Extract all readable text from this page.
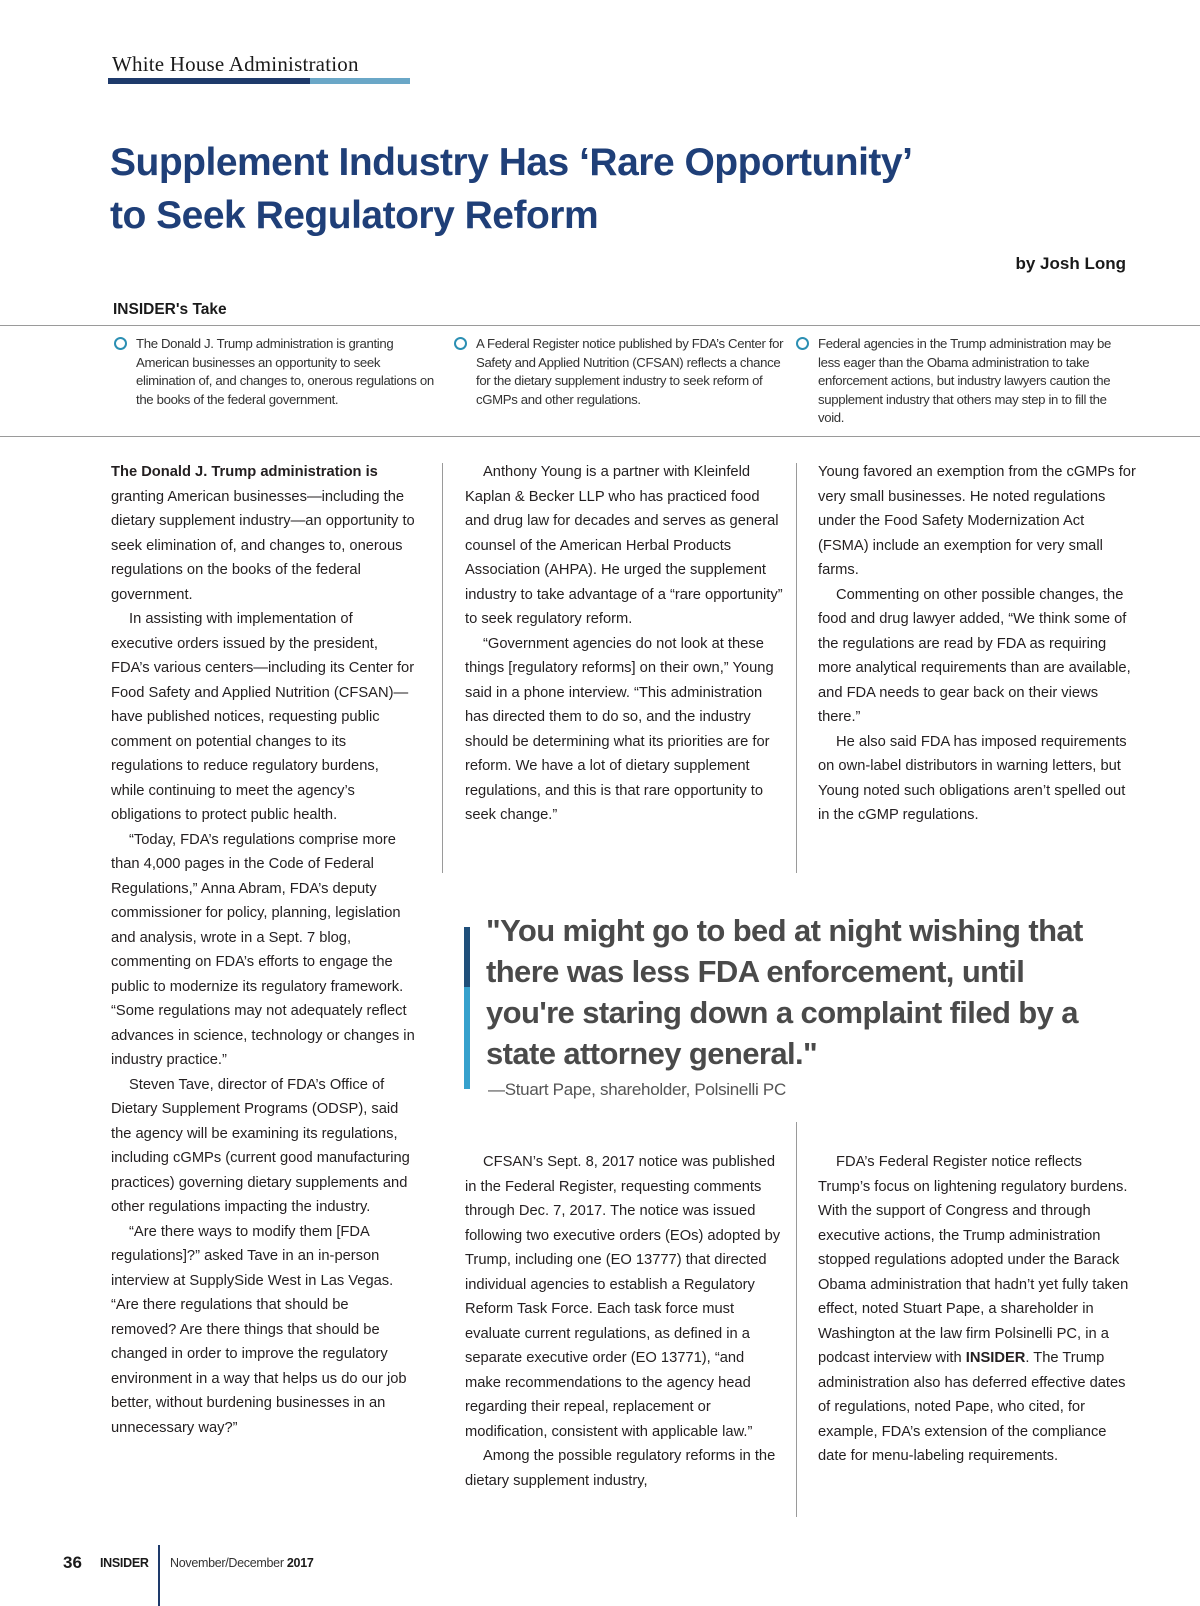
White House Administration
Supplement Industry Has ‘Rare Opportunity’
to Seek Regulatory Reform
by Josh Long
INSIDER's Take
The Donald J. Trump administration is granting American businesses an opportunity to seek elimination of, and changes to, onerous regulations on the books of the federal government.
A Federal Register notice published by FDA’s Center for Safety and Applied Nutrition (CFSAN) reflects a chance for the dietary supplement industry to seek reform of cGMPs and other regulations.
Federal agencies in the Trump administration may be less eager than the Obama administration to take enforcement actions, but industry lawyers caution the supplement industry that others may step in to fill the void.

The Donald J. Trump administration is granting American businesses—including the dietary supplement industry—an opportunity to seek elimination of, and changes to, onerous regulations on the books of the federal government.

In assisting with implementation of executive orders issued by the president, FDA’s various centers—including its Center for Food Safety and Applied Nutrition (CFSAN)—have published notices, requesting public comment on potential changes to its regulations to reduce regulatory burdens, while continuing to meet the agency’s obligations to protect public health.

“Today, FDA’s regulations comprise more than 4,000 pages in the Code of Federal Regulations,” Anna Abram, FDA’s deputy commissioner for policy, planning, legislation and analysis, wrote in a Sept. 7 blog, commenting on FDA’s efforts to engage the public to modernize its regulatory framework. “Some regulations may not adequately reflect advances in science, technology or changes in industry practice.”

Steven Tave, director of FDA’s Office of Dietary Supplement Programs (ODSP), said the agency will be examining its regulations, including cGMPs (current good manufacturing practices) governing dietary supplements and other regulations impacting the industry.

“Are there ways to modify them [FDA regulations]?” asked Tave in an in-person interview at SupplySide West in Las Vegas. “Are there regulations that should be removed? Are there things that should be changed in order to improve the regulatory environment in a way that helps us do our job better, without burdening businesses in an unnecessary way?”

Anthony Young is a partner with Kleinfeld Kaplan & Becker LLP who has practiced food and drug law for decades and serves as general counsel of the American Herbal Products Association (AHPA). He urged the supplement industry to take advantage of a “rare opportunity” to seek regulatory reform.

“Government agencies do not look at these things [regulatory reforms] on their own,” Young said in a phone interview. “This administration has directed them to do so, and the industry should be determining what its priorities are for reform. We have a lot of dietary supplement regulations, and this is that rare opportunity to seek change.”

Young favored an exemption from the cGMPs for very small businesses. He noted regulations under the Food Safety Modernization Act (FSMA) include an exemption for very small farms.

Commenting on other possible changes, the food and drug lawyer added, “We think some of the regulations are read by FDA as requiring more analytical requirements than are available, and FDA needs to gear back on their views there.”

He also said FDA has imposed requirements on own-label distributors in warning letters, but Young noted such obligations aren’t spelled out in the cGMP regulations.

"You might go to bed at night wishing that there was less FDA enforcement, until you're staring down a complaint filed by a state attorney general."
—Stuart Pape, shareholder, Polsinelli PC

CFSAN’s Sept. 8, 2017 notice was published in the Federal Register, requesting comments through Dec. 7, 2017. The notice was issued following two executive orders (EOs) adopted by Trump, including one (EO 13777) that directed individual agencies to establish a Regulatory Reform Task Force. Each task force must evaluate current regulations, as defined in a separate executive order (EO 13771), “and make recommendations to the agency head regarding their repeal, replacement or modification, consistent with applicable law.”

Among the possible regulatory reforms in the dietary supplement industry,

FDA’s Federal Register notice reflects Trump’s focus on lightening regulatory burdens. With the support of Congress and through executive actions, the Trump administration stopped regulations adopted under the Barack Obama administration that hadn’t yet fully taken effect, noted Stuart Pape, a shareholder in Washington at the law firm Polsinelli PC, in a podcast interview with INSIDER. The Trump administration also has deferred effective dates of regulations, noted Pape, who cited, for example, FDA’s extension of the compliance date for menu-labeling requirements.

36 INSIDER November/December 2017
